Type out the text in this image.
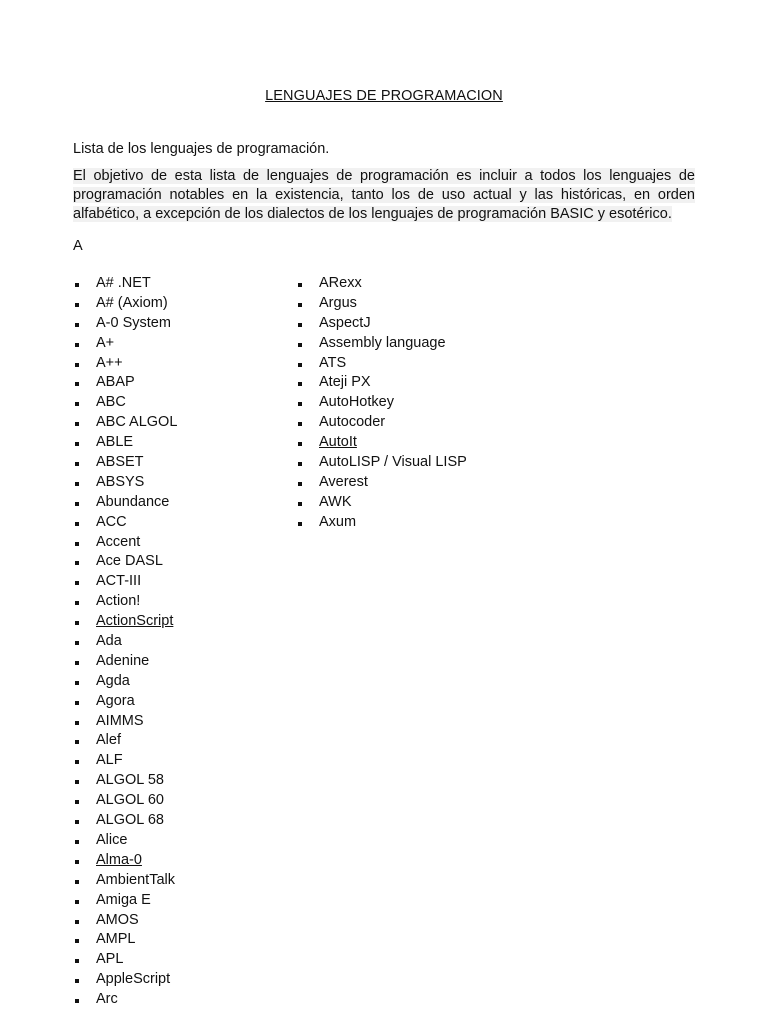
LENGUAJES DE PROGRAMACION
Lista de los lenguajes de programación.
El objetivo de esta lista de lenguajes de programación es incluir a todos los lenguajes de programación notables en la existencia, tanto los de uso actual y las históricas, en orden alfabético, a excepción de los dialectos de los lenguajes de programación BASIC y esotérico.
A
A# .NET
A# (Axiom)
A-0 System
A+
A++
ABAP
ABC
ABC ALGOL
ABLE
ABSET
ABSYS
Abundance
ACC
Accent
Ace DASL
ACT-III
Action!
ActionScript
Ada
Adenine
Agda
Agora
AIMMS
Alef
ALF
ALGOL 58
ALGOL 60
ALGOL 68
Alice
Alma-0
AmbientTalk
Amiga E
AMOS
AMPL
APL
AppleScript
Arc
ARexx
Argus
AspectJ
Assembly language
ATS
Ateji PX
AutoHotkey
Autocoder
AutoIt
AutoLISP / Visual LISP
Averest
AWK
Axum
